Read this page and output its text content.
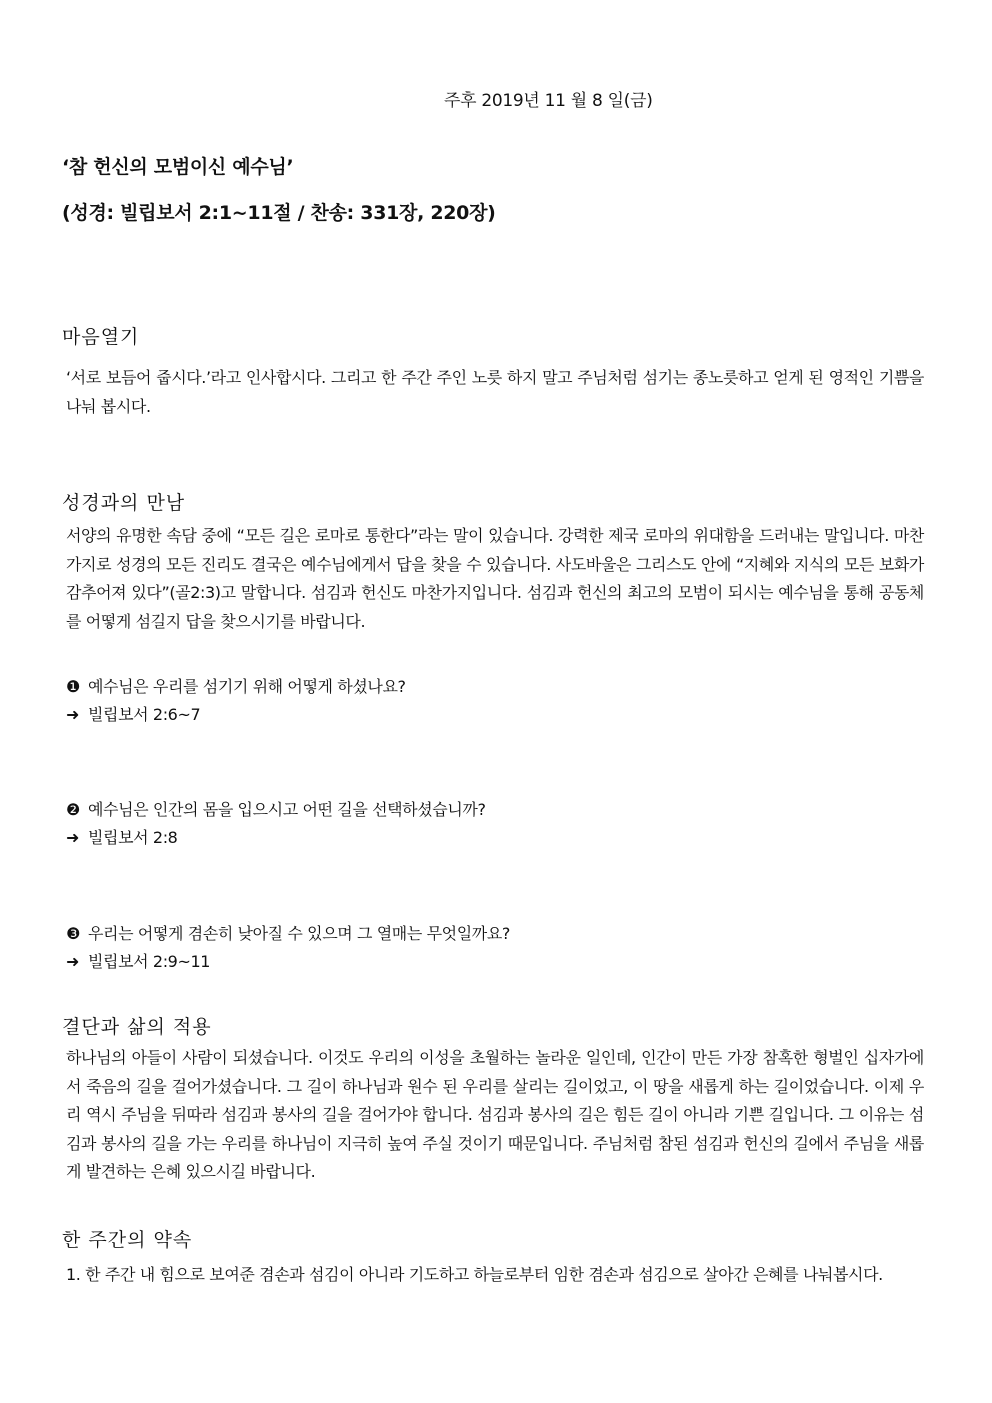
주후 2019년 11 월 8 일(금)
‘참 헌신의 모범이신 예수님’
(성경: 빌립보서 2:1~11절 / 찬송: 331장, 220장)
마음열기
‘서로 보듬어 줍시다.’라고 인사합시다. 그리고 한 주간 주인 노릇 하지 말고 주님처럼 섬기는 종노릇하고 얻게 된 영적인 기쁨을 나눠 봅시다.
성경과의 만남
서양의 유명한 속담 중에 “모든 길은 로마로 통한다”라는 말이 있습니다. 강력한 제국 로마의 위대함을 드러내는 말입니다. 마찬가지로 성경의 모든 진리도 결국은 예수님에게서 답을 찾을 수 있습니다. 사도바울은 그리스도 안에 “지혜와 지식의 모든 보화가 감추어져 있다”(골2:3)고 말합니다. 섬김과 헌신도 마찬가지입니다. 섬김과 헌신의 최고의 모범이 되시는 예수님을 통해 공동체를 어떻게 섬길지 답을 찾으시기를 바랍니다.
❶ 예수님은 우리를 섬기기 위해 어떻게 하셨나요?
➜ 빌립보서 2:6~7
❷ 예수님은 인간의 몸을 입으시고 어떤 길을 선택하셨습니까?
➜ 빌립보서 2:8
❸ 우리는 어떻게 겸손히 낮아질 수 있으며 그 열매는 무엇일까요?
➜ 빌립보서 2:9~11
결단과 삶의 적용
하나님의 아들이 사람이 되셨습니다. 이것도 우리의 이성을 초월하는 놀라운 일인데, 인간이 만든 가장 참혹한 형벌인 십자가에서 죽음의 길을 걸어가셨습니다. 그 길이 하나님과 원수 된 우리를 살리는 길이었고, 이 땅을 새롭게 하는 길이었습니다. 이제 우리 역시 주님을 뒤따라 섬김과 봉사의 길을 걸어가야 합니다. 섬김과 봉사의 길은 힘든 길이 아니라 기쁜 길입니다. 그 이유는 섬김과 봉사의 길을 가는 우리를 하나님이 지극히 높여 주실 것이기 때문입니다. 주님처럼 참된 섬김과 헌신의 길에서 주님을 새롭게 발견하는 은혜 있으시길 바랍니다.
한 주간의 약속
1. 한 주간 내 힘으로 보여준 겸손과 섬김이 아니라 기도하고 하늘로부터 임한 겸손과 섬김으로 살아간 은혜를 나눠봅시다.
